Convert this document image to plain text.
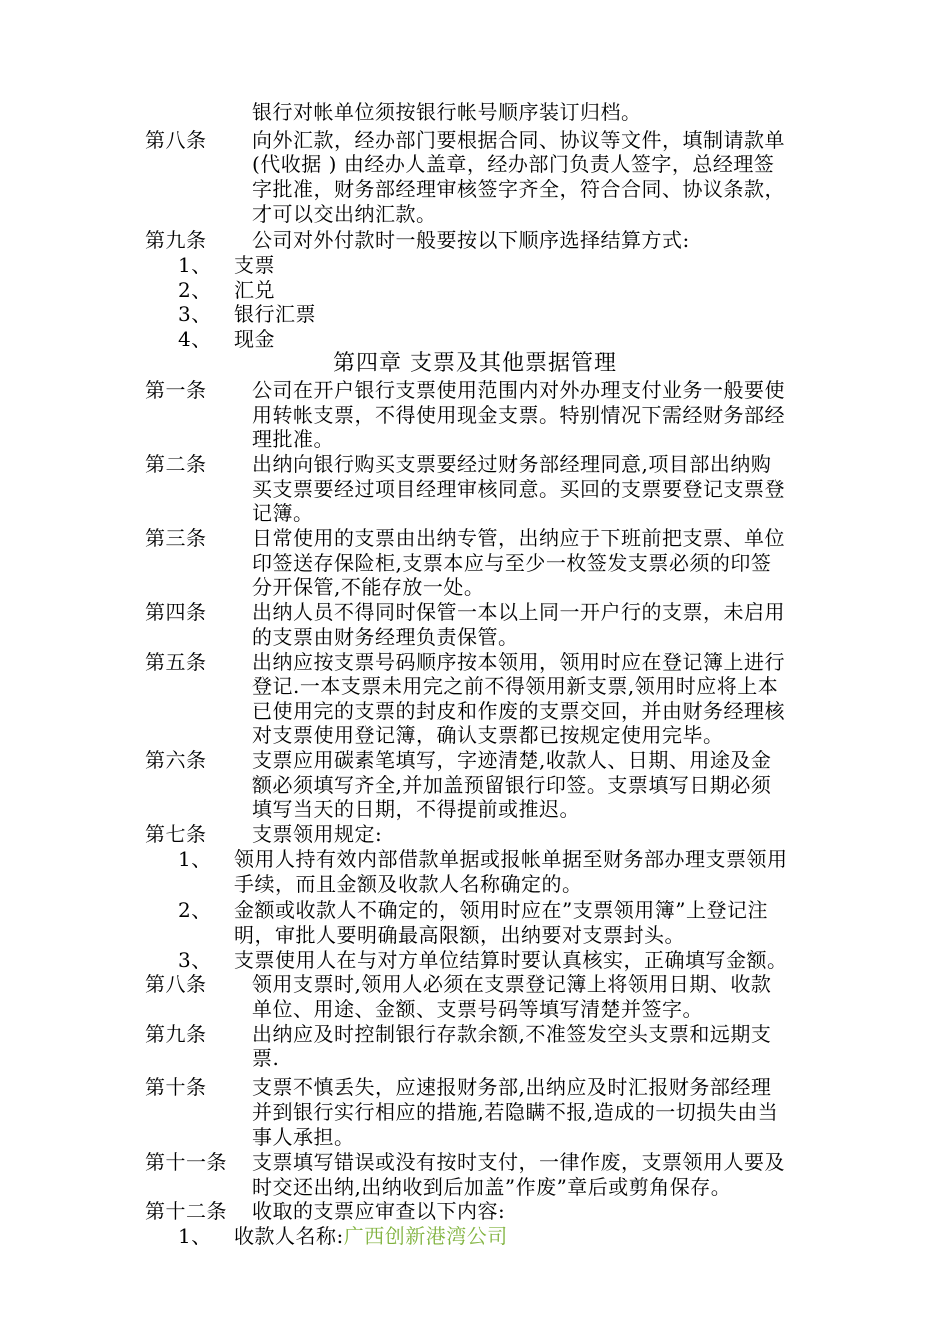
银行对帐单位须按银行帐号顺序装订归档。
第八条 向外汇款，经办部门要根据合同、协议等文件，填制请款单
(代收据 ) 由经办人盖章，经办部门负责人签字，总经理签
字批准，财务部经理审核签字齐全，符合合同、协议条款，
才可以交出纳汇款。
第九条 公司对外付款时一般要按以下顺序选择结算方式:
1、 支票
2、 汇兑
3、 银行汇票
4、 现金
第四章 支票及其他票据管理
第一条 公司在开户银行支票使用范围内对外办理支付业务一般要使
用转帐支票，不得使用现金支票。特别情况下需经财务部经
理批准。
第二条 出纳向银行购买支票要经过财务部经理同意,项目部出纳购
买支票要经过项目经理审核同意。买回的支票要登记支票登
记簿。
第三条 日常使用的支票由出纳专管，出纳应于下班前把支票、单位
印签送存保险柜,支票本应与至少一枚签发支票必须的印签
分开保管,不能存放一处。
第四条 出纳人员不得同时保管一本以上同一开户行的支票，未启用
的支票由财务经理负责保管。
第五条 出纳应按支票号码顺序按本领用，领用时应在登记簿上进行
登记.一本支票未用完之前不得领用新支票,领用时应将上本
已使用完的支票的封皮和作废的支票交回，并由财务经理核
对支票使用登记簿，确认支票都已按规定使用完毕。
第六条 支票应用碳素笔填写，字迹清楚,收款人、日期、用途及金
额必须填写齐全,并加盖预留银行印签。支票填写日期必须
填写当天的日期，不得提前或推迟。
第七条 支票领用规定:
1、 领用人持有效内部借款单据或报帐单据至财务部办理支票领用
手续，而且金额及收款人名称确定的。
2、 金额或收款人不确定的，领用时应在”支票领用簿”上登记注
明，审批人要明确最高限额，出纳要对支票封头。
3、 支票使用人在与对方单位结算时要认真核实，正确填写金额。
第八条 领用支票时,领用人必须在支票登记簿上将领用日期、收款
单位、用途、金额、支票号码等填写清楚并签字。
第九条 出纳应及时控制银行存款余额,不准签发空头支票和远期支
票.
第十条 支票不慎丢失，应速报财务部,出纳应及时汇报财务部经理
并到银行实行相应的措施,若隐瞒不报,造成的一切损失由当
事人承担。
第十一条 支票填写错误或没有按时支付，一律作废，支票领用人要及
时交还出纳,出纳收到后加盖”作废”章后或剪角保存。
第十二条 收取的支票应审查以下内容:
1、 收款人名称:广西创新港湾公司
